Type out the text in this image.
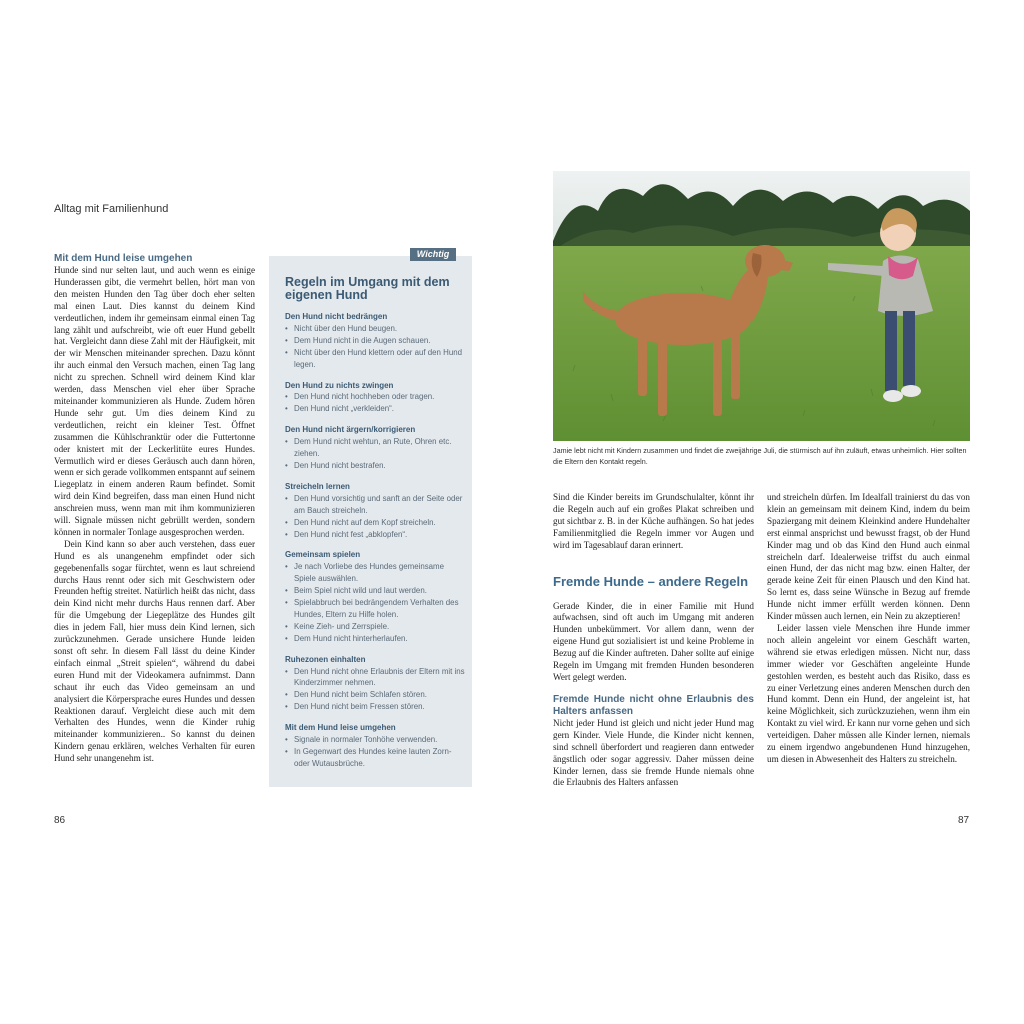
Alltag mit Familienhund
Mit dem Hund leise umgehen

Hunde sind nur selten laut, und auch wenn es einige Hunderassen gibt, die vermehrt bellen, hört man von den meisten Hunden den Tag über doch eher selten mal einen Laut. Dies kannst du deinem Kind verdeutlichen, indem ihr gemeinsam einmal einen Tag lang zählt und aufschreibt, wie oft euer Hund gebellt hat. Vergleicht dann diese Zahl mit der Häufigkeit, mit der wir Menschen miteinander sprechen. Dazu könnt ihr auch einmal den Versuch machen, einen Tag lang nicht zu sprechen. Schnell wird deinem Kind klar werden, dass Menschen viel eher über Sprache miteinander kommunizieren als Hunde. Zudem hören Hunde sehr gut. Um dies deinem Kind zu verdeutlichen, reicht ein kleiner Test. Öffnet zusammen die Kühlschranktür oder die Futtertonne oder knistert mit der Leckerlitüte eures Hundes. Vermutlich wird er dieses Geräusch auch dann hören, wenn er sich gerade vollkommen entspannt auf seinem Liegeplatz in einem anderen Raum befindet. Somit wird dein Kind begreifen, dass man einen Hund nicht anschreien muss, wenn man mit ihm kommunizieren will. Signale müssen nicht gebrüllt werden, sondern können in normaler Tonlage ausgesprochen werden.

Dein Kind kann so aber auch verstehen, dass euer Hund es als unangenehm empfindet oder sich gegebenenfalls sogar fürchtet, wenn es laut schreiend durchs Haus rennt oder sich mit Geschwistern oder Freunden heftig streitet. Natürlich heißt das nicht, dass dein Kind nicht mehr durchs Haus rennen darf. Aber für die Umgebung der Liegeplätze des Hundes gilt dies in jedem Fall, hier muss dein Kind lernen, sich zurückzunehmen. Gerade unsichere Hunde leiden sonst oft sehr. In diesem Fall lässt du deine Kinder einfach einmal „Streit spielen“, während du dabei euren Hund mit der Videokamera aufnimmst. Dann schaut ihr euch das Video gemeinsam an und analysiert die Körpersprache eures Hundes und dessen Reaktionen darauf. Vergleicht diese auch mit dem Verhalten des Hundes, wenn die Kinder ruhig miteinander kommunizieren.. So kannst du deinen Kindern genau erklären, welches Verhalten für euren Hund sehr unangenehm ist.

Wichtig
Regeln im Umgang mit dem eigenen Hund
Den Hund nicht bedrängen
• Nicht über den Hund beugen.
• Dem Hund nicht in die Augen schauen.
• Nicht über den Hund klettern oder auf den Hund legen.
Den Hund zu nichts zwingen
• Den Hund nicht hochheben oder tragen.
• Den Hund nicht „verkleiden“.
Den Hund nicht ärgern/korrigieren
• Dem Hund nicht wehtun, an Rute, Ohren etc. ziehen.
• Den Hund nicht bestrafen.
Streicheln lernen
• Den Hund vorsichtig und sanft an der Seite oder am Bauch streicheln.
• Den Hund nicht auf dem Kopf streicheln.
• Den Hund nicht fest „abklopfen“.
Gemeinsam spielen
• Je nach Vorliebe des Hundes gemeinsame Spiele auswählen.
• Beim Spiel nicht wild und laut werden.
• Spielabbruch bei bedrängendem Verhalten des Hundes, Eltern zu Hilfe holen.
• Keine Zieh- und Zerrspiele.
• Dem Hund nicht hinterherlaufen.
Ruhezonen einhalten
• Den Hund nicht ohne Erlaubnis der Eltern mit ins Kinderzimmer nehmen.
• Den Hund nicht beim Schlafen stören.
• Den Hund nicht beim Fressen stören.
Mit dem Hund leise umgehen
• Signale in normaler Tonhöhe verwenden.
• In Gegenwart des Hundes keine lauten Zorn- oder Wutausbrüche.
86
Jamie lebt nicht mit Kindern zusammen und findet die zweijährige Juli, die stürmisch auf ihn zuläuft, etwas unheimlich. Hier sollten die Eltern den Kontakt regeln.

Sind die Kinder bereits im Grundschulalter, könnt ihr die Regeln auch auf ein großes Plakat schreiben und gut sichtbar z. B. in der Küche aufhängen. So hat jedes Familienmitglied die Regeln immer vor Augen und wird im Tagesablauf daran erinnert.

Fremde Hunde – andere Regeln

Gerade Kinder, die in einer Familie mit Hund aufwachsen, sind oft auch im Umgang mit anderen Hunden unbekümmert. Vor allem dann, wenn der eigene Hund gut sozialisiert ist und keine Probleme in Bezug auf die Kinder auftreten. Daher sollte auf einige Regeln im Umgang mit fremden Hunden besonderen Wert gelegt werden.

Fremde Hunde nicht ohne Erlaubnis des Halters anfassen

Nicht jeder Hund ist gleich und nicht jeder Hund mag gern Kinder. Viele Hunde, die Kinder nicht kennen, sind schnell überfordert und reagieren dann entweder ängstlich oder sogar aggressiv. Daher müssen deine Kinder lernen, dass sie fremde Hunde niemals ohne die Erlaubnis des Halters anfassen

und streicheln dürfen. Im Idealfall trainierst du das von klein an gemeinsam mit deinem Kind, indem du beim Spaziergang mit deinem Kleinkind andere Hundehalter erst einmal ansprichst und bewusst fragst, ob der Hund Kinder mag und ob das Kind den Hund auch einmal streicheln darf. Idealerweise triffst du auch einmal einen Hund, der das nicht mag bzw. einen Halter, der gerade keine Zeit für einen Plausch und den Kind hat. So lernt es, dass seine Wünsche in Bezug auf fremde Hunde nicht immer erfüllt werden können. Denn Kinder müssen auch lernen, ein Nein zu akzeptieren!

Leider lassen viele Menschen ihre Hunde immer noch allein angeleint vor einem Geschäft warten, während sie etwas erledigen müssen. Nicht nur, dass immer wieder vor Geschäften angeleinte Hunde gestohlen werden, es besteht auch das Risiko, dass es zu einer Verletzung eines anderen Menschen durch den Hund kommt. Denn ein Hund, der angeleint ist, hat keine Möglichkeit, sich zurückzuziehen, wenn ihm ein Kontakt zu viel wird. Er kann nur vorne gehen und sich verteidigen. Daher müssen alle Kinder lernen, niemals zu einem irgendwo angebundenen Hund hinzugehen, um diesen in Abwesenheit des Halters zu streicheln.

87
